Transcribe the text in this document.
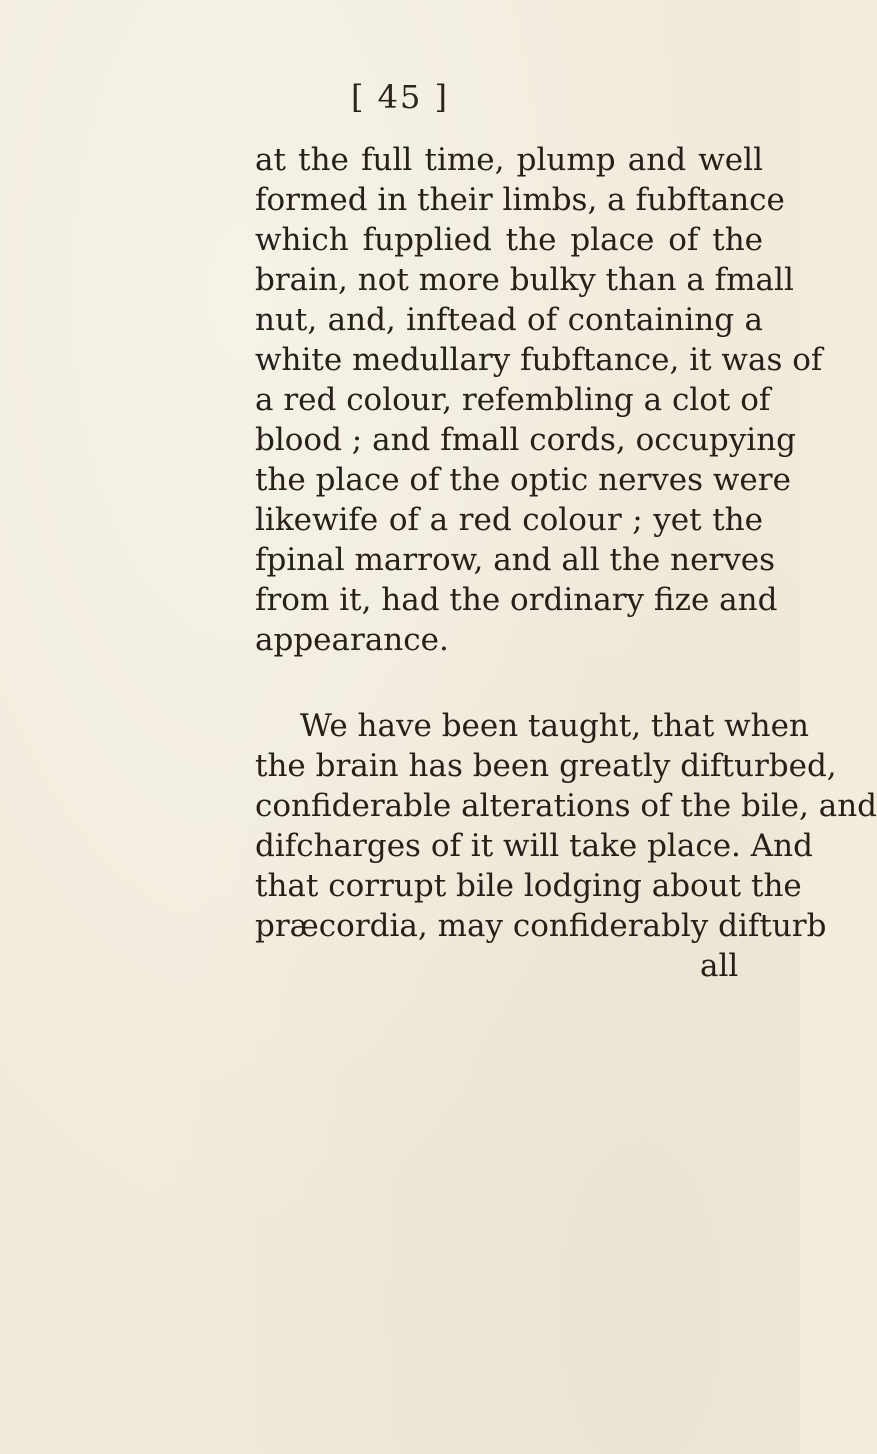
[ 45 ]
at the full time, plump and well
formed in their limbs, a fubftance
which fupplied the place of the
brain, not more bulky than a fmall
nut, and, inftead of containing a
white medullary fubftance, it was of
a red colour, refembling a clot of
blood ; and fmall cords, occupying
the place of the optic nerves were
likewife of a red colour ; yet the
fpinal marrow, and all the nerves
from it, had the ordinary fize and
appearance.
We have been taught, that when
the brain has been greatly difturbed,
confiderable alterations of the bile, and
difcharges of it will take place. And
that corrupt bile lodging about the
præcordia, may confiderably difturb
all
